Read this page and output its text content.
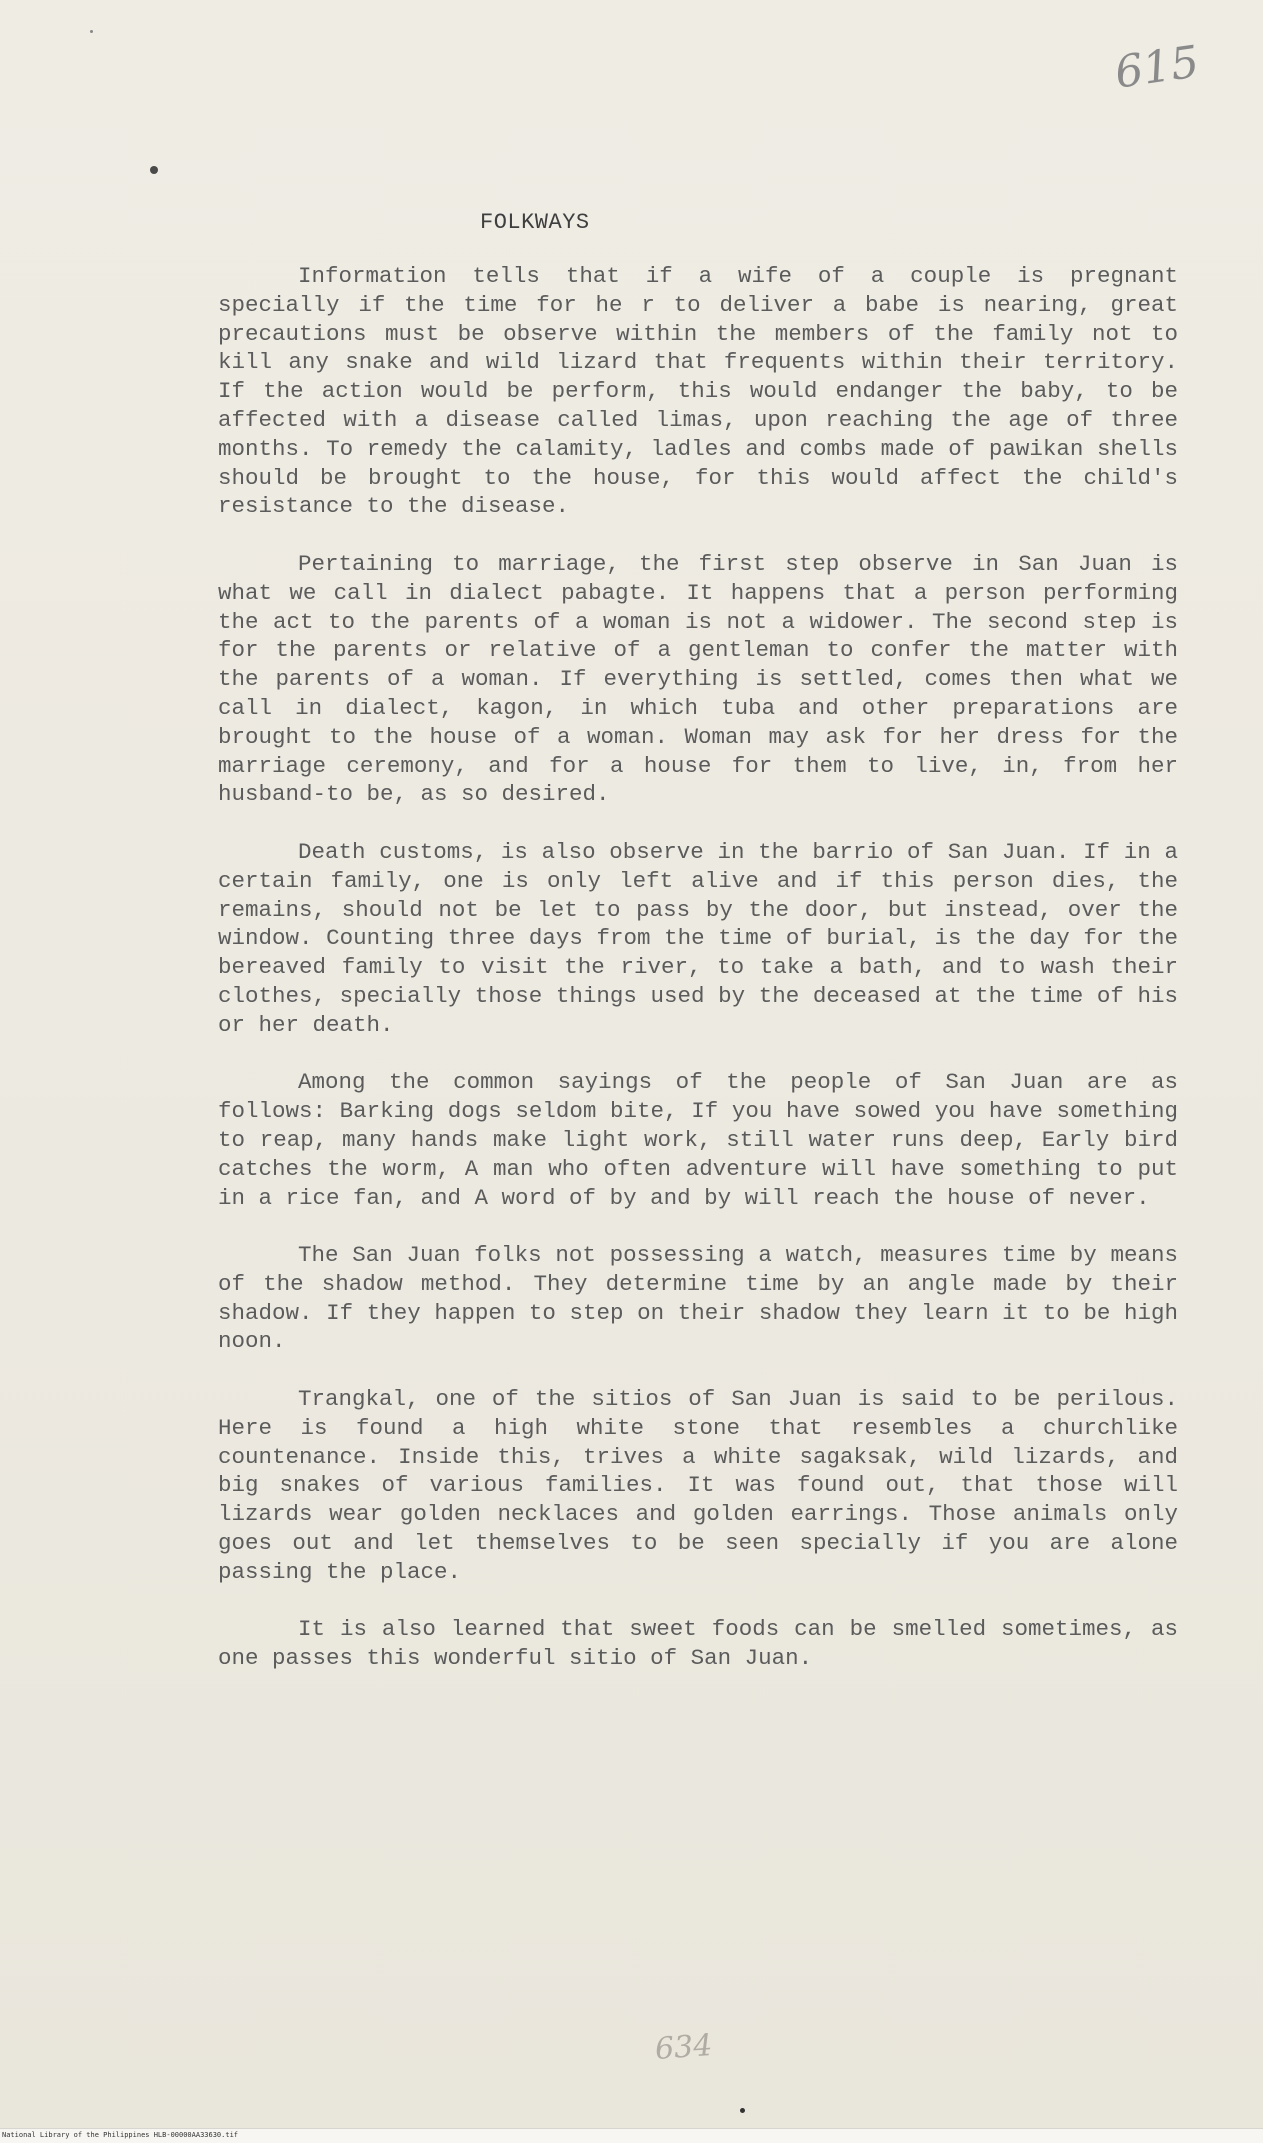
615
FOLKWAYS

Information tells that if a wife of a couple is pregnant specially if the time for he r to deliver a babe is nearing, great precautions must be observe within the members of the family not to kill any snake and wild lizard that frequents within their territory. If the action would be perform, this would endanger the baby, to be affected with a disease called limas, upon reaching the age of three months. To remedy the calamity, ladles and combs made of pawikan shells should be brought to the house, for this would affect the child's resistance to the disease.

Pertaining to marriage, the first step observe in San Juan is what we call in dialect pabagte. It happens that a person performing the act to the parents of a woman is not a widower. The second step is for the parents or relative of a gentleman to confer the matter with the parents of a woman. If everything is settled, comes then what we call in dialect, kagon, in which tuba and other preparations are brought to the house of a woman. Woman may ask for her dress for the marriage ceremony, and for a house for them to live, in, from her husband-to be, as so desired.

Death customs, is also observe in the barrio of San Juan. If in a certain family, one is only left alive and if this person dies, the remains, should not be let to pass by the door, but instead, over the window. Counting three days from the time of burial, is the day for the bereaved family to visit the river, to take a bath, and to wash their clothes, specially those things used by the deceased at the time of his or her death.

Among the common sayings of the people of San Juan are as follows: Barking dogs seldom bite, If you have sowed you have something to reap, many hands make light work, still water runs deep, Early bird catches the worm, A man who often adventure will have something to put in a rice fan, and A word of by and by will reach the house of never.

The San Juan folks not possessing a watch, measures time by means of the shadow method. They determine time by an angle made by their shadow. If they happen to step on their shadow they learn it to be high noon.

Trangkal, one of the sitios of San Juan is said to be perilous. Here is found a high white stone that resembles a churchlike countenance. Inside this, trives a white sagaksak, wild lizards, and big snakes of various families. It was found out, that those will lizards wear golden necklaces and golden earrings. Those animals only goes out and let themselves to be seen specially if you are alone passing the place.

It is also learned that sweet foods can be smelled sometimes, as one passes this wonderful sitio of San Juan.

634
National Library of the Philippines HLB-00000AA33630.tif
